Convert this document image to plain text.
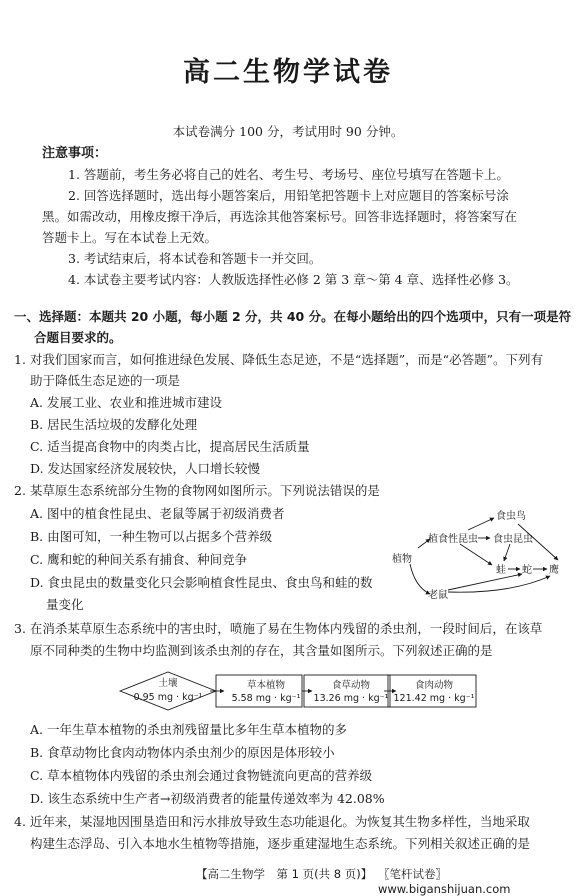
高二生物学试卷
本试卷满分 100 分，考试用时 90 分钟。
注意事项：
1. 答题前，考生务必将自己的姓名、考生号、考场号、座位号填写在答题卡上。
2. 回答选择题时，选出每小题答案后，用铅笔把答题卡上对应题目的答案标号涂
黑。如需改动，用橡皮擦干净后，再选涂其他答案标号。回答非选择题时，将答案写在
答题卡上。写在本试卷上无效。
3. 考试结束后，将本试卷和答题卡一并交回。
4. 本试卷主要考试内容：人教版选择性必修 2 第 3 章～第 4 章、选择性必修 3。
一、选择题：本题共 20 小题，每小题 2 分，共 40 分。在每小题给出的四个选项中，只有一项是符
合题目要求的。
1. 对我们国家而言，如何推进绿色发展、降低生态足迹，不是“选择题”，而是“必答题”。下列有
助于降低生态足迹的一项是
A. 发展工业、农业和推进城市建设
B. 居民生活垃圾的发酵化处理
C. 适当提高食物中的肉类占比，提高居民生活质量
D. 发达国家经济发展较快，人口增长较慢
2. 某草原生态系统部分生物的食物网如图所示。下列说法错误的是
A. 图中的植食性昆虫、老鼠等属于初级消费者
B. 由图可知，一种生物可以占据多个营养级
C. 鹰和蛇的种间关系有捕食、种间竞争
D. 食虫昆虫的数量变化只会影响植食性昆虫、食虫鸟和蛙的数
量变化
植物
植食性昆虫
食虫鸟
食虫昆虫
蛙 蛇 鹰
老鼠
3. 在消杀某草原生态系统中的害虫时，喷施了易在生物体内残留的杀虫剂，一段时间后，在该草
原不同种类的生物中均监测到该杀虫剂的存在，其含量如图所示。下列叙述正确的是
土壤
0.95 mg · kg⁻¹
草本植物
5.58 mg · kg⁻¹
食草动物
13.26 mg · kg⁻¹
食肉动物
121.42 mg · kg⁻¹
A. 一年生草本植物的杀虫剂残留量比多年生草本植物的多
B. 食草动物比食肉动物体内杀虫剂少的原因是体形较小
C. 草本植物体内残留的杀虫剂会通过食物链流向更高的营养级
D. 该生态系统中生产者→初级消费者的能量传递效率为 42.08%
4. 近年来，某湿地因围垦造田和污水排放导致生态功能退化。为恢复其生物多样性，当地采取
构建生态浮岛、引入本地水生植物等措施，逐步重建湿地生态系统。下列相关叙述正确的是
【高二生物学　第 1 页(共 8 页)】 〖笔杆试卷〗www.biganshijuan.com
